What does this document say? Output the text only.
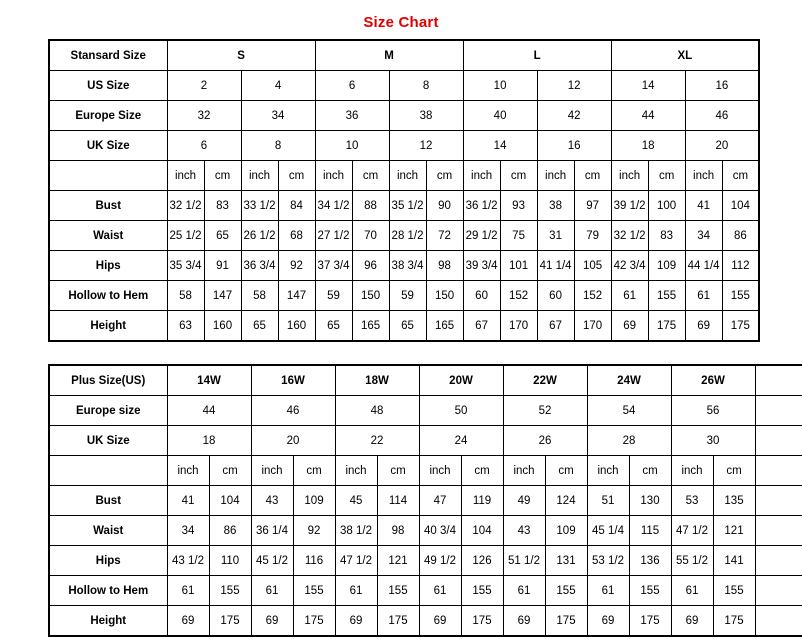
Size Chart
Stansard Size	S				M				L				XL			
US Size	2		4		6		8		10		12		14		16	
Europe Size	32		34		36		38		40		42		44		46	
UK Size	6		8		10		12		14		16		18		20	
	inch	cm	inch	cm	inch	cm	inch	cm	inch	cm	inch	cm	inch	cm	inch	cm
Bust	32 1/2	83	33 1/2	84	34 1/2	88	35 1/2	90	36 1/2	93	38	97	39 1/2	100	41	104
Waist	25 1/2	65	26 1/2	68	27 1/2	70	28 1/2	72	29 1/2	75	31	79	32 1/2	83	34	86
Hips	35 3/4	91	36 3/4	92	37 3/4	96	38 3/4	98	39 3/4	101	41 1/4	105	42 3/4	109	44 1/4	112
Hollow to Hem	58	147	58	147	59	150	59	150	60	152	60	152	61	155	61	155
Height	63	160	65	160	65	165	65	165	67	170	67	170	69	175	69	175
Plus Size(US)	14W		16W		18W		20W		22W		24W		26W		
Europe size	44		46		48		50		52		54		56		
UK Size	18		20		22		24		26		28		30		
	inch	cm	inch	cm	inch	cm	inch	cm	inch	cm	inch	cm	inch	cm	
Bust	41	104	43	109	45	114	47	119	49	124	51	130	53	135	
Waist	34	86	36 1/4	92	38 1/2	98	40 3/4	104	43	109	45 1/4	115	47 1/2	121	
Hips	43 1/2	110	45 1/2	116	47 1/2	121	49 1/2	126	51 1/2	131	53 1/2	136	55 1/2	141	
Hollow to Hem	61	155	61	155	61	155	61	155	61	155	61	155	61	155	
Height	69	175	69	175	69	175	69	175	69	175	69	175	69	175	
